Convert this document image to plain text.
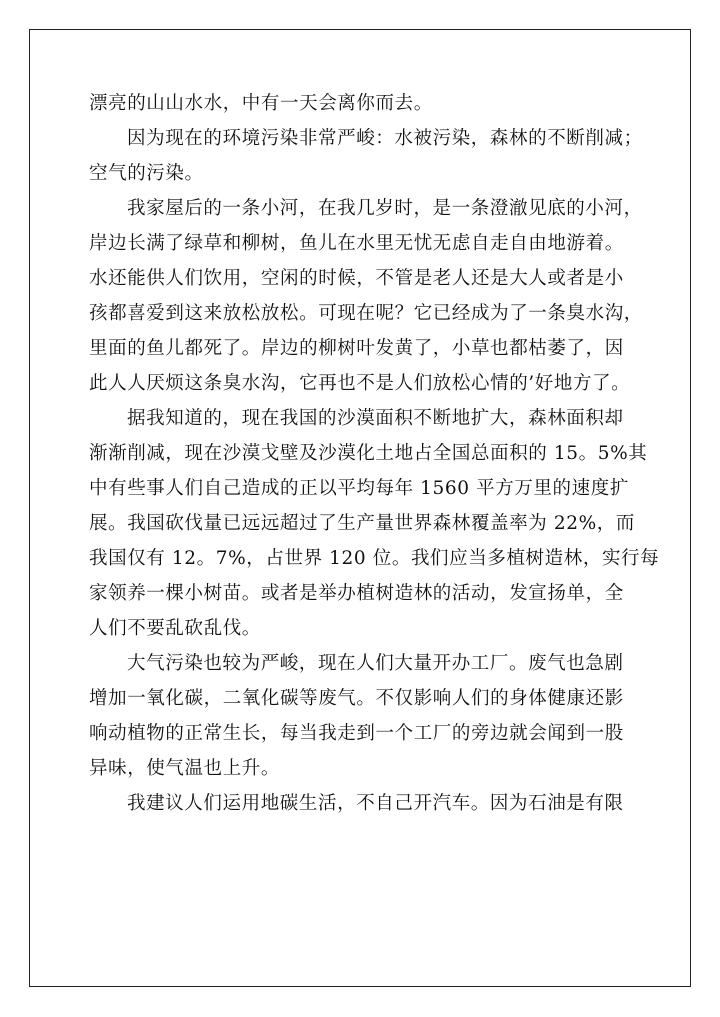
漂亮的山山水水，中有一天会离你而去。
因为现在的环境污染非常严峻：水被污染，森林的不断削减；
空气的污染。
我家屋后的一条小河，在我几岁时，是一条澄澈见底的小河，
岸边长满了绿草和柳树，鱼儿在水里无忧无虑自走自由地游着。
水还能供人们饮用，空闲的时候，不管是老人还是大人或者是小
孩都喜爱到这来放松放松。可现在呢？它已经成为了一条臭水沟，
里面的鱼儿都死了。岸边的柳树叶发黄了，小草也都枯萎了，因
此人人厌烦这条臭水沟，它再也不是人们放松心情的’好地方了。
据我知道的，现在我国的沙漠面积不断地扩大，森林面积却
渐渐削减，现在沙漠戈壁及沙漠化土地占全国总面积的 15。5%其
中有些事人们自己造成的正以平均每年 1560 平方万里的速度扩
展。我国砍伐量已远远超过了生产量世界森林覆盖率为 22%，而
我国仅有 12。7%，占世界 120 位。我们应当多植树造林，实行每
家领养一棵小树苗。或者是举办植树造林的活动，发宣扬单，全
人们不要乱砍乱伐。
大气污染也较为严峻，现在人们大量开办工厂。废气也急剧
增加一氧化碳，二氧化碳等废气。不仅影响人们的身体健康还影
响动植物的正常生长，每当我走到一个工厂的旁边就会闻到一股
异味，使气温也上升。
我建议人们运用地碳生活，不自己开汽车。因为石油是有限
